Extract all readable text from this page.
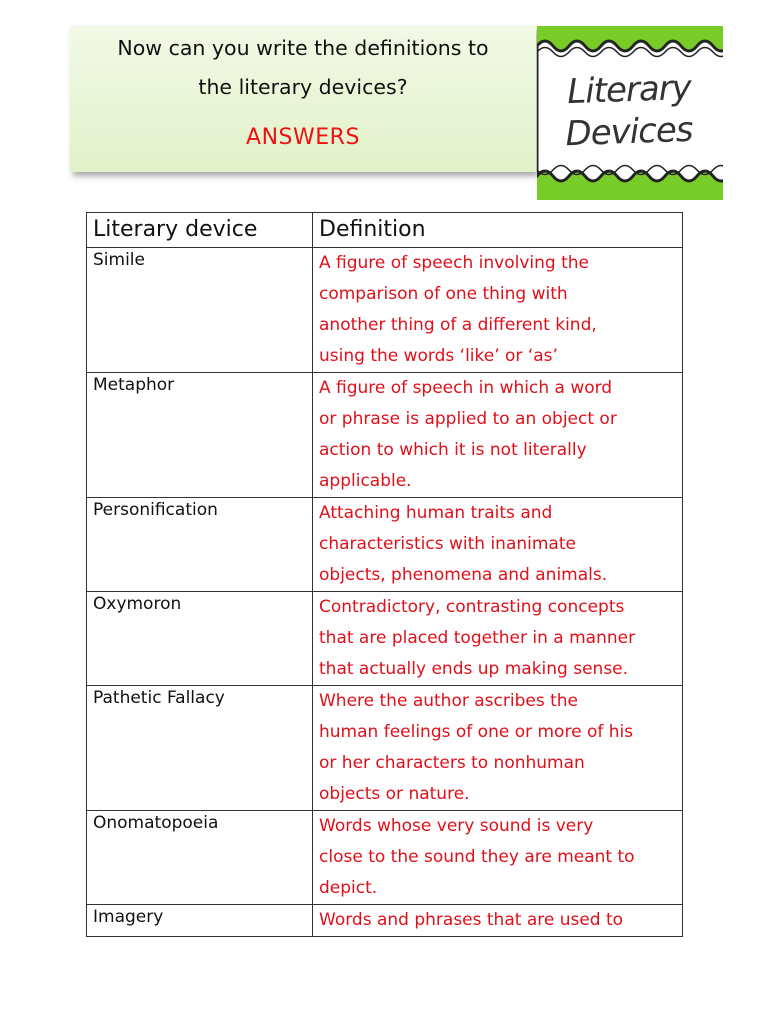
Now can you write the definitions to
the literary devices?
ANSWERS
Literary
Devices
Literary device	Definition
Simile	A figure of speech involving the
comparison of one thing with
another thing of a different kind,
using the words ‘like’ or ‘as’

Metaphor	A figure of speech in which a word
or phrase is applied to an object or
action to which it is not literally
applicable.

Personification	Attaching human traits and
characteristics with inanimate
objects, phenomena and animals.

Oxymoron	Contradictory, contrasting concepts
that are placed together in a manner
that actually ends up making sense.

Pathetic Fallacy	Where the author ascribes the
human feelings of one or more of his
or her characters to nonhuman
objects or nature.

Onomatopoeia	Words whose very sound is very
close to the sound they are meant to
depict.

Imagery	Words and phrases that are used to
